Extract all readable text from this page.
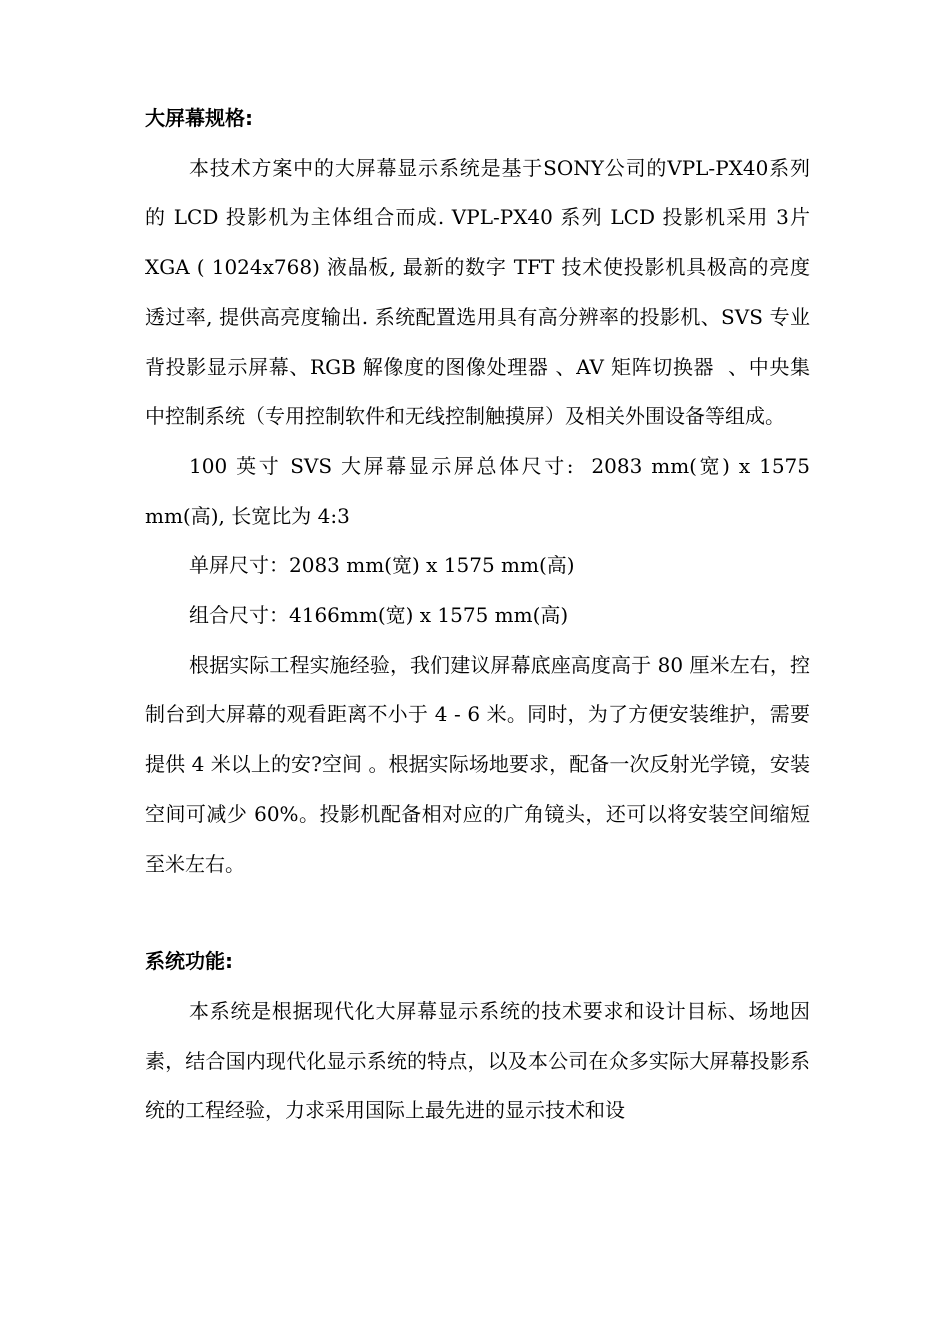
大屏幕规格:

本技术方案中的大屏幕显示系统是基于SONY公司的VPL-PX40系列的 LCD 投影机为主体组合而成. VPL-PX40 系列 LCD 投影机采用 3片 XGA ( 1024x768) 液晶板, 最新的数字 TFT 技术使投影机具极高的亮度透过率, 提供高亮度输出. 系统配置选用具有高分辨率的投影机、SVS 专业背投影显示屏幕、RGB 解像度的图像处理器 、AV 矩阵切换器  、中央集中控制系统（专用控制软件和无线控制触摸屏）及相关外围设备等组成。

100 英寸 SVS 大屏幕显示屏总体尺寸:  2083 mm(宽) x 1575 mm(高), 长宽比为 4:3

单屏尺寸：2083 mm(宽) x 1575 mm(高)

组合尺寸：4166mm(宽) x 1575 mm(高)

根据实际工程实施经验，我们建议屏幕底座高度高于 80 厘米左右，控制台到大屏幕的观看距离不小于 4 - 6 米。同时，为了方便安装维护，需要提供 4 米以上的安?空间 。根据实际场地要求，配备一次反射光学镜，安装空间可减少 60%。投影机配备相对应的广角镜头，还可以将安装空间缩短至米左右。

系统功能:

本系统是根据现代化大屏幕显示系统的技术要求和设计目标、场地因素，结合国内现代化显示系统的特点，以及本公司在众多实际大屏幕投影系统的工程经验，力求采用国际上最先进的显示技术和设
